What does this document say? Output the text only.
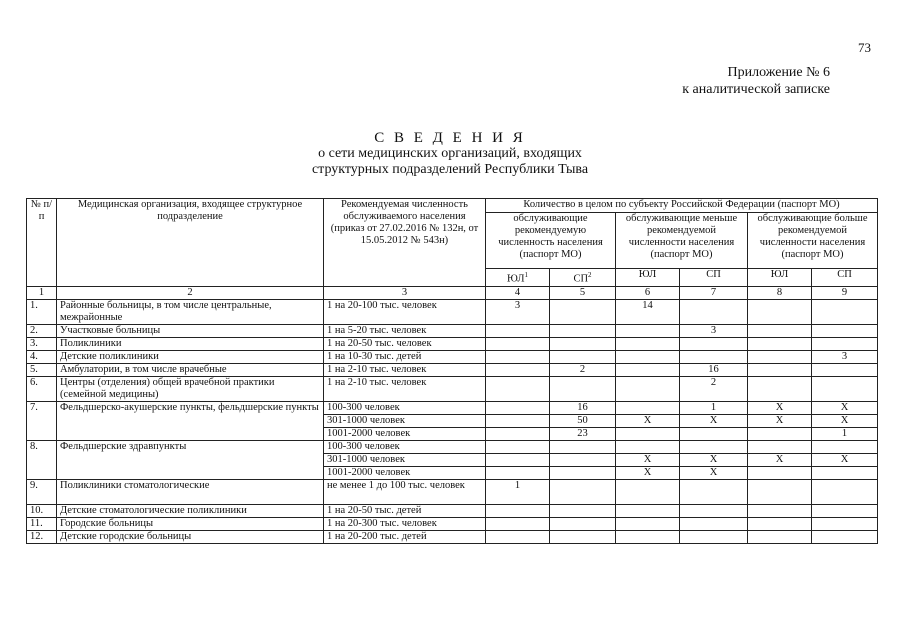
73
Приложение № 6
к аналитической записке
С В Е Д Е Н И Я
о сети медицинских организаций, входящих
структурных подразделений Республики Тыва
№ п/п	Медицинская организация, входящее структурное подразделение	Рекомендуемая численность обслуживаемого населения (приказ от 27.02.2016 № 132н, от 15.05.2012 № 543н)	Количество в целом по субъекту Российской Федерации (паспорт МО)					
			обслуживающие рекомендуемую численность населения (паспорт МО)		обслуживающие меньше рекомендуемой численности населения (паспорт МО)		обслуживающие больше рекомендуемой численности населения (паспорт МО)	
			$ЮЛ^1$	$СП^2$	ЮЛ	СП	ЮЛ	СП
1	2	3	4	5	6	7	8	9
1.	Районные больницы, в том числе центральные, межрайонные	1 на 20-100 тыс. человек	3		14			
2.	Участковые больницы	1 на 5-20 тыс. человек				3		
3.	Поликлиники	1 на 20-50 тыс. человек						
4.	Детские поликлиники	1 на 10-30 тыс. детей						3
5.	Амбулатории, в том числе врачебные	1 на 2-10 тыс. человек		2		16		
6.	Центры (отделения) общей врачебной практики (семейной медицины)	1 на 2-10 тыс. человек				2		
7.	Фельдшерско-акушерские пункты, фельдшерские пункты	100-300 человек		16		1	Х	Х
		301-1000 человек		50	Х	Х	Х	Х
		1001-2000 человек		23				1
8.	Фельдшерские здравпункты	100-300 человек						
		301-1000 человек			Х	Х	Х	Х
		1001-2000 человек			Х	Х		
9.	Поликлиники стоматологические	не менее 1 до 100 тыс. человек	1					
10.	Детские стоматологические поликлиники	1 на 20-50 тыс. детей						
11.	Городские больницы	1 на 20-300 тыс. человек						
12.	Детские городские больницы	1 на 20-200 тыс. детей						
